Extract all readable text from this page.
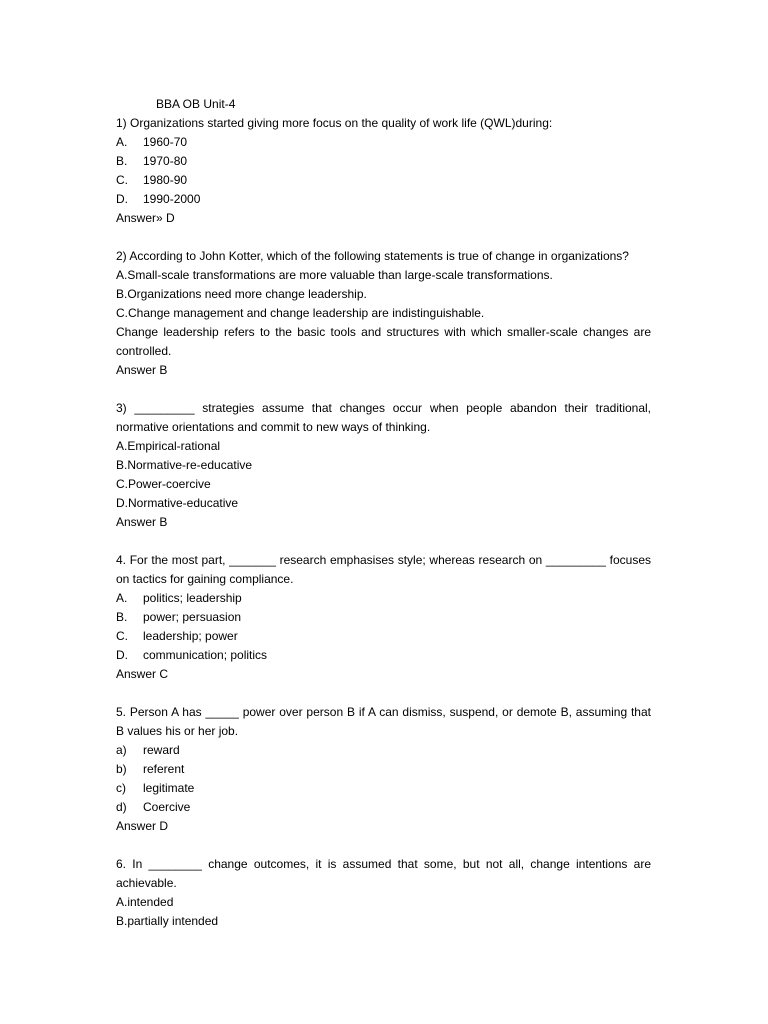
BBA OB Unit-4
1) Organizations started giving more focus on the quality of work life (QWL)during:
A. 1960-70
B. 1970-80
C. 1980-90
D. 1990-2000
Answer» D
2) According to John Kotter, which of the following statements is true of change in organizations?
A.Small-scale transformations are more valuable than large-scale transformations.
B.Organizations need more change leadership.
C.Change management and change leadership are indistinguishable.
Change leadership refers to the basic tools and structures with which smaller-scale changes are controlled.
Answer B
3) _________ strategies assume that changes occur when people abandon their traditional, normative orientations and commit to new ways of thinking.
A.Empirical-rational
B.Normative-re-educative
C.Power-coercive
D.Normative-educative
Answer B
4. For the most part, _______ research emphasises style; whereas research on _________ focuses on tactics for gaining compliance.
A. politics; leadership
B. power; persuasion
C. leadership; power
D. communication; politics
Answer C
5. Person A has _____ power over person B if A can dismiss, suspend, or demote B, assuming that B values his or her job.
a) reward
b) referent
c) legitimate
d) Coercive
Answer D
6. In ________ change outcomes, it is assumed that some, but not all, change intentions are achievable.
A.intended
B.partially intended
